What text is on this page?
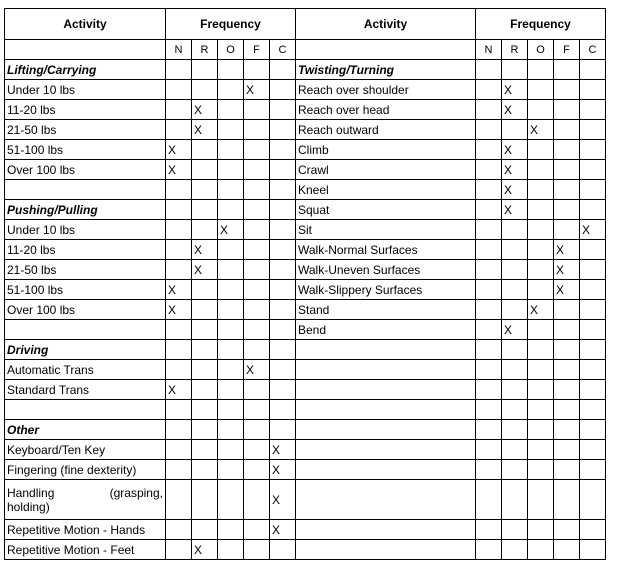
Activity	Frequency					Activity	Frequency				
	N	R	O	F	C		N	R	O	F	C
Lifting/Carrying						Twisting/Turning					
Under 10 lbs				X		Reach over shoulder		X			
11-20 lbs		X				Reach over head		X			
21-50 lbs		X				Reach outward			X		
51-100 lbs	X					Climb		X			
Over 100 lbs	X					Crawl		X			
						Kneel		X			
Pushing/Pulling						Squat		X			
Under 10 lbs			X			Sit					X
11-20 lbs		X				Walk-Normal Surfaces				X	
21-50 lbs		X				Walk-Uneven Surfaces				X	
51-100 lbs	X					Walk-Slippery Surfaces				X	
Over 100 lbs	X					Stand			X		
						Bend		X			
Driving											
Automatic Trans				X							
Standard Trans	X										

Other											
Keyboard/Ten Key					X						
Fingering (fine dexterity)					X						

Handling (grasping,
holding)					X						
Repetitive Motion - Hands					X						
Repetitive Motion - Feet		X									
